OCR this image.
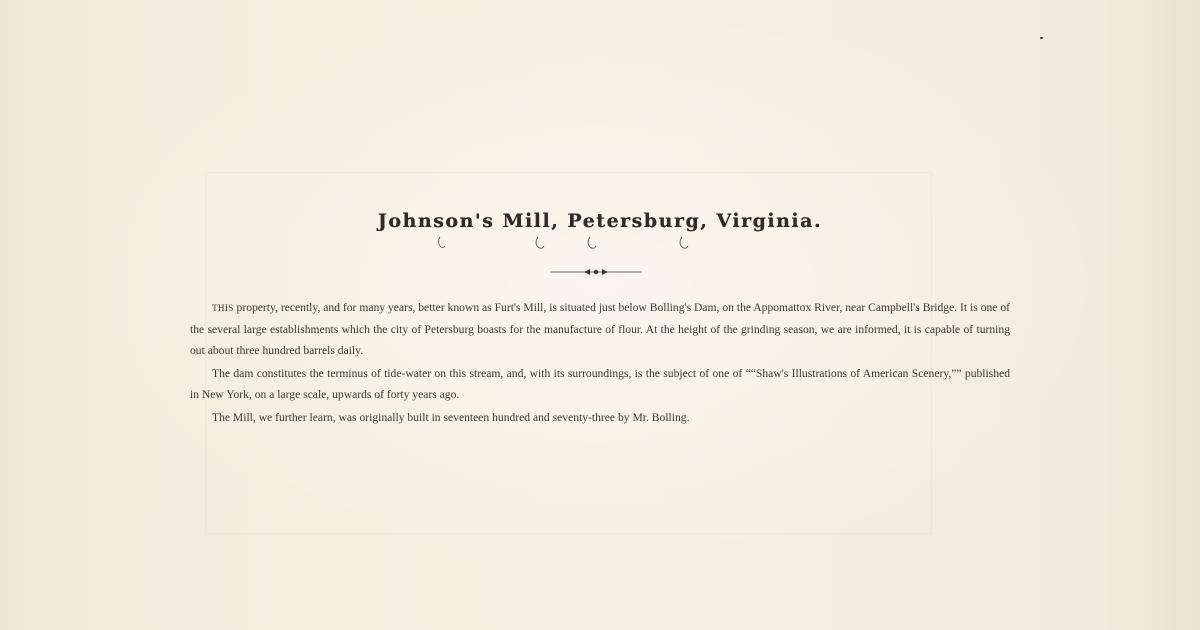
Johnson's Mill, Petersburg, Virginia.

THIS property, recently, and for many years, better known as Furt's Mill, is situated just below Bolling's Dam, on the Appomattox River, near Campbell's Bridge. It is one of the several large establishments which the city of Petersburg boasts for the manufacture of flour. At the height of the grinding season, we are informed, it is capable of turning out about three hundred barrels daily.

The dam constitutes the terminus of tide-water on this stream, and, with its surroundings, is the subject of one of ““Shaw's Illustrations of American Scenery,”” published in New York, on a large scale, upwards of forty years ago.

The Mill, we further learn, was originally built in seventeen hundred and seventy-three by Mr. Bolling.
